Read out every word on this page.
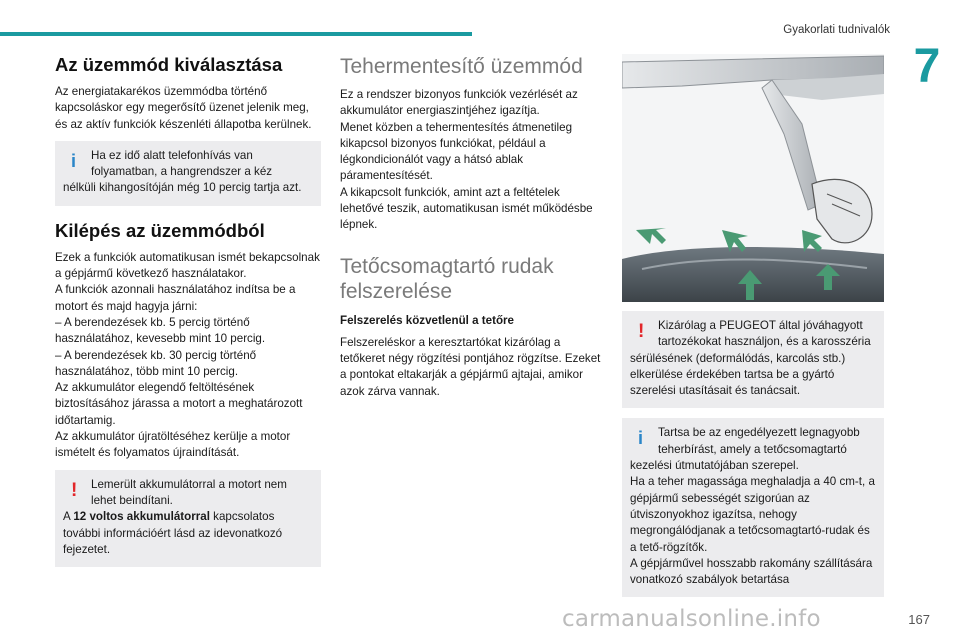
Gyakorlati tudnivalók
7
Az üzemmód kiválasztása

Az energiatakarékos üzemmódba történő kapcsoláskor egy megerősítő üzenet jelenik meg, és az aktív funkciók készenléti állapotba kerülnek.

i	Ha ez idő alatt telefonhívás van folyamatban, a hangrendszer a kéz

nélküli kihangosítóján még 10 percig tartja azt.

Kilépés az üzemmódból

Ezek a funkciók automatikusan ismét bekapcsolnak a gépjármű következő használatakor.

A funkciók azonnali használatához indítsa be a motort és majd hagyja járni:

– A berendezések kb. 5 percig történő használatához, kevesebb mint 10 percig.

– A berendezések kb. 30 percig történő használatához, több mint 10 percig.

Az akkumulátor elegendő feltöltésének biztosításához járassa a motort a meghatározott időtartamig.

Az akkumulátor újratöltéséhez kerülje a motor ismételt és folyamatos újraindítását.

!	Lemerült akkumulátorral a motort nem lehet beindítani.

A 12 voltos akkumulátorral kapcsolatos további információért lásd az idevonatkozó fejezetet.

Tehermentesítő üzemmód

Ez a rendszer bizonyos funkciók vezérlését az akkumulátor energiaszintjéhez igazítja.

Menet közben a tehermentesítés átmenetileg kikapcsol bizonyos funkciókat, például a légkondicionálót vagy a hátsó ablak páramentesítését.

A kikapcsolt funkciók, amint azt a feltételek lehetővé teszik, automatikusan ismét működésbe lépnek.

Tetőcsomagtartó rudak felszerelése
Felszerelés közvetlenül a tetőre

Felszereléskor a keresztartókat kizárólag a tetőkeret négy rögzítési pontjához rögzítse. Ezeket a pontokat eltakarják a gépjármű ajtajai, amikor azok zárva vannak.

!	Kizárólag a PEUGEOT által jóváhagyott tartozékokat használjon, és a karosszéria

sérülésének (deformálódás, karcolás stb.) elkerülése érdekében tartsa be a gyártó szerelési utasításait és tanácsait.

i	Tartsa be az engedélyezett legnagyobb teherbírást, amely a tetőcsomagtartó

kezelési útmutatójában szerepel.

Ha a teher magassága meghaladja a 40 cm-t, a gépjármű sebességét szigorúan az útviszonyokhoz igazítsa, nehogy megrongálódjanak a tetőcsomagtartó-rudak és a tető-rögzítők.

A gépjárművel hosszabb rakomány szállítására vonatkozó szabályok betartása

167
carmanualsonline.info
